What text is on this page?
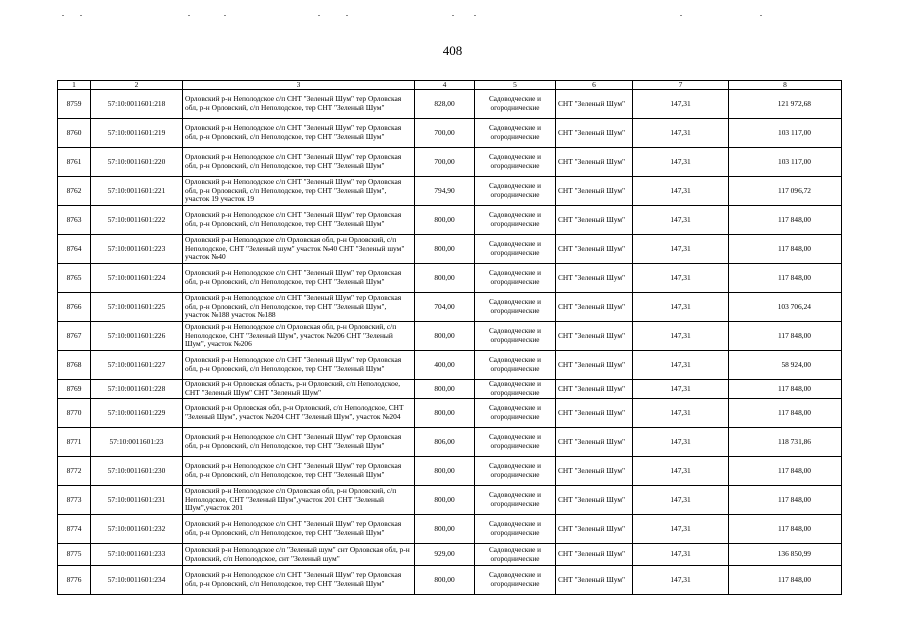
408
1	2	3	4	5	6	7	8
8759	57:10:0011601:218	Орловский р-н Неполодское с/п СНТ "Зеленый Шум" тер Орловская обл, р-н Орловский, с/п Неполодское, тер СНТ "Зеленый Шум"	828,00	Садоводческие и огороднические	СНТ "Зеленый Шум"	147,31	121 972,68
8760	57:10:0011601:219	Орловский р-н Неполодское с/п СНТ "Зеленый Шум" тер Орловская обл, р-н Орловский, с/п Неполодское, тер СНТ "Зеленый Шум"	700,00	Садоводческие и огороднические	СНТ "Зеленый Шум"	147,31	103 117,00
8761	57:10:0011601:220	Орловский р-н Неполодское с/п СНТ "Зеленый Шум" тер Орловская обл, р-н Орловский, с/п Неполодское, тер СНТ "Зеленый Шум"	700,00	Садоводческие и огороднические	СНТ "Зеленый Шум"	147,31	103 117,00
8762	57:10:0011601:221	Орловский р-н Неполодское с/п СНТ "Зеленый Шум" тер Орловская обл, р-н Орловский, с/п Неполодское, тер СНТ "Зеленый Шум", участок 19 участок 19	794,90	Садоводческие и огороднические	СНТ "Зеленый Шум"	147,31	117 096,72
8763	57:10:0011601:222	Орловский р-н Неполодское с/п СНТ "Зеленый Шум" тер Орловская обл, р-н Орловский, с/п Неполодское, тер СНТ "Зеленый Шум"	800,00	Садоводческие и огороднические	СНТ "Зеленый Шум"	147,31	117 848,00
8764	57:10:0011601:223	Орловский р-н Неполодское с/п Орловская обл, р-н Орловский, с/п Неполодское, СНТ "Зеленый шум" участок №40 СНТ "Зеленый шум" участок №40	800,00	Садоводческие и огороднические	СНТ "Зеленый Шум"	147,31	117 848,00
8765	57:10:0011601:224	Орловский р-н Неполодское с/п СНТ "Зеленый Шум" тер Орловская обл, р-н Орловский, с/п Неполодское, тер СНТ "Зеленый Шум"	800,00	Садоводческие и огороднические	СНТ "Зеленый Шум"	147,31	117 848,00
8766	57:10:0011601:225	Орловский р-н Неполодское с/п СНТ "Зеленый Шум" тер Орловская обл, р-н Орловский, с/п Неполодское, тер СНТ "Зеленый Шум", участок №188 участок №188	704,00	Садоводческие и огороднические	СНТ "Зеленый Шум"	147,31	103 706,24
8767	57:10:0011601:226	Орловский р-н Неполодское с/п Орловская обл, р-н Орловский, с/п Неполодское, СНТ "Зеленый Шум", участок №206 СНТ "Зеленый Шум", участок №206	800,00	Садоводческие и огороднические	СНТ "Зеленый Шум"	147,31	117 848,00
8768	57:10:0011601:227	Орловский р-н Неполодское с/п СНТ "Зеленый Шум" тер Орловская обл, р-н Орловский, с/п Неполодское, тер СНТ "Зеленый Шум"	400,00	Садоводческие и огороднические	СНТ "Зеленый Шум"	147,31	58 924,00
8769	57:10:0011601:228	Орловский р-н Орловская область, р-н Орловский, с/п Неполодское, СНТ "Зеленый Шум" СНТ "Зеленый Шум"	800,00	Садоводческие и огороднические	СНТ "Зеленый Шум"	147,31	117 848,00
8770	57:10:0011601:229	Орловский р-н Орловская обл, р-н Орловский, с/п Неполодское, СНТ "Зеленый Шум", участок №204 СНТ "Зеленый Шум", участок №204	800,00	Садоводческие и огороднические	СНТ "Зеленый Шум"	147,31	117 848,00
8771	57:10:0011601:23	Орловский р-н Неполодское с/п СНТ "Зеленый Шум" тер Орловская обл, р-н Орловский, с/п Неполодское, тер СНТ "Зеленый Шум"	806,00	Садоводческие и огороднические	СНТ "Зеленый Шум"	147,31	118 731,86
8772	57:10:0011601:230	Орловский р-н Неполодское с/п СНТ "Зеленый Шум" тер Орловская обл, р-н Орловский, с/п Неполодское, тер СНТ "Зеленый Шум"	800,00	Садоводческие и огороднические	СНТ "Зеленый Шум"	147,31	117 848,00
8773	57:10:0011601:231	Орловский р-н Неполодское с/п Орловская обл, р-н Орловский, с/п Неполодское, СНТ "Зеленый Шум",участок 201 СНТ "Зеленый Шум",участок 201	800,00	Садоводческие и огороднические	СНТ "Зеленый Шум"	147,31	117 848,00
8774	57:10:0011601:232	Орловский р-н Неполодское с/п СНТ "Зеленый Шум" тер Орловская обл, р-н Орловский, с/п Неполодское, тер СНТ "Зеленый Шум"	800,00	Садоводческие и огороднические	СНТ "Зеленый Шум"	147,31	117 848,00
8775	57:10:0011601:233	Орловский р-н Неполодское с/п "Зеленый шум" снт Орловская обл, р-н Орловский, с/п Неполодское, снт "Зеленый шум"	929,00	Садоводческие и огороднические	СНТ "Зеленый Шум"	147,31	136 850,99
8776	57:10:0011601:234	Орловский р-н Неполодское с/п СНТ "Зеленый Шум" тер Орловская обл, р-н Орловский, с/п Неполодское, тер СНТ "Зеленый Шум"	800,00	Садоводческие и огороднические	СНТ "Зеленый Шум"	147,31	117 848,00
